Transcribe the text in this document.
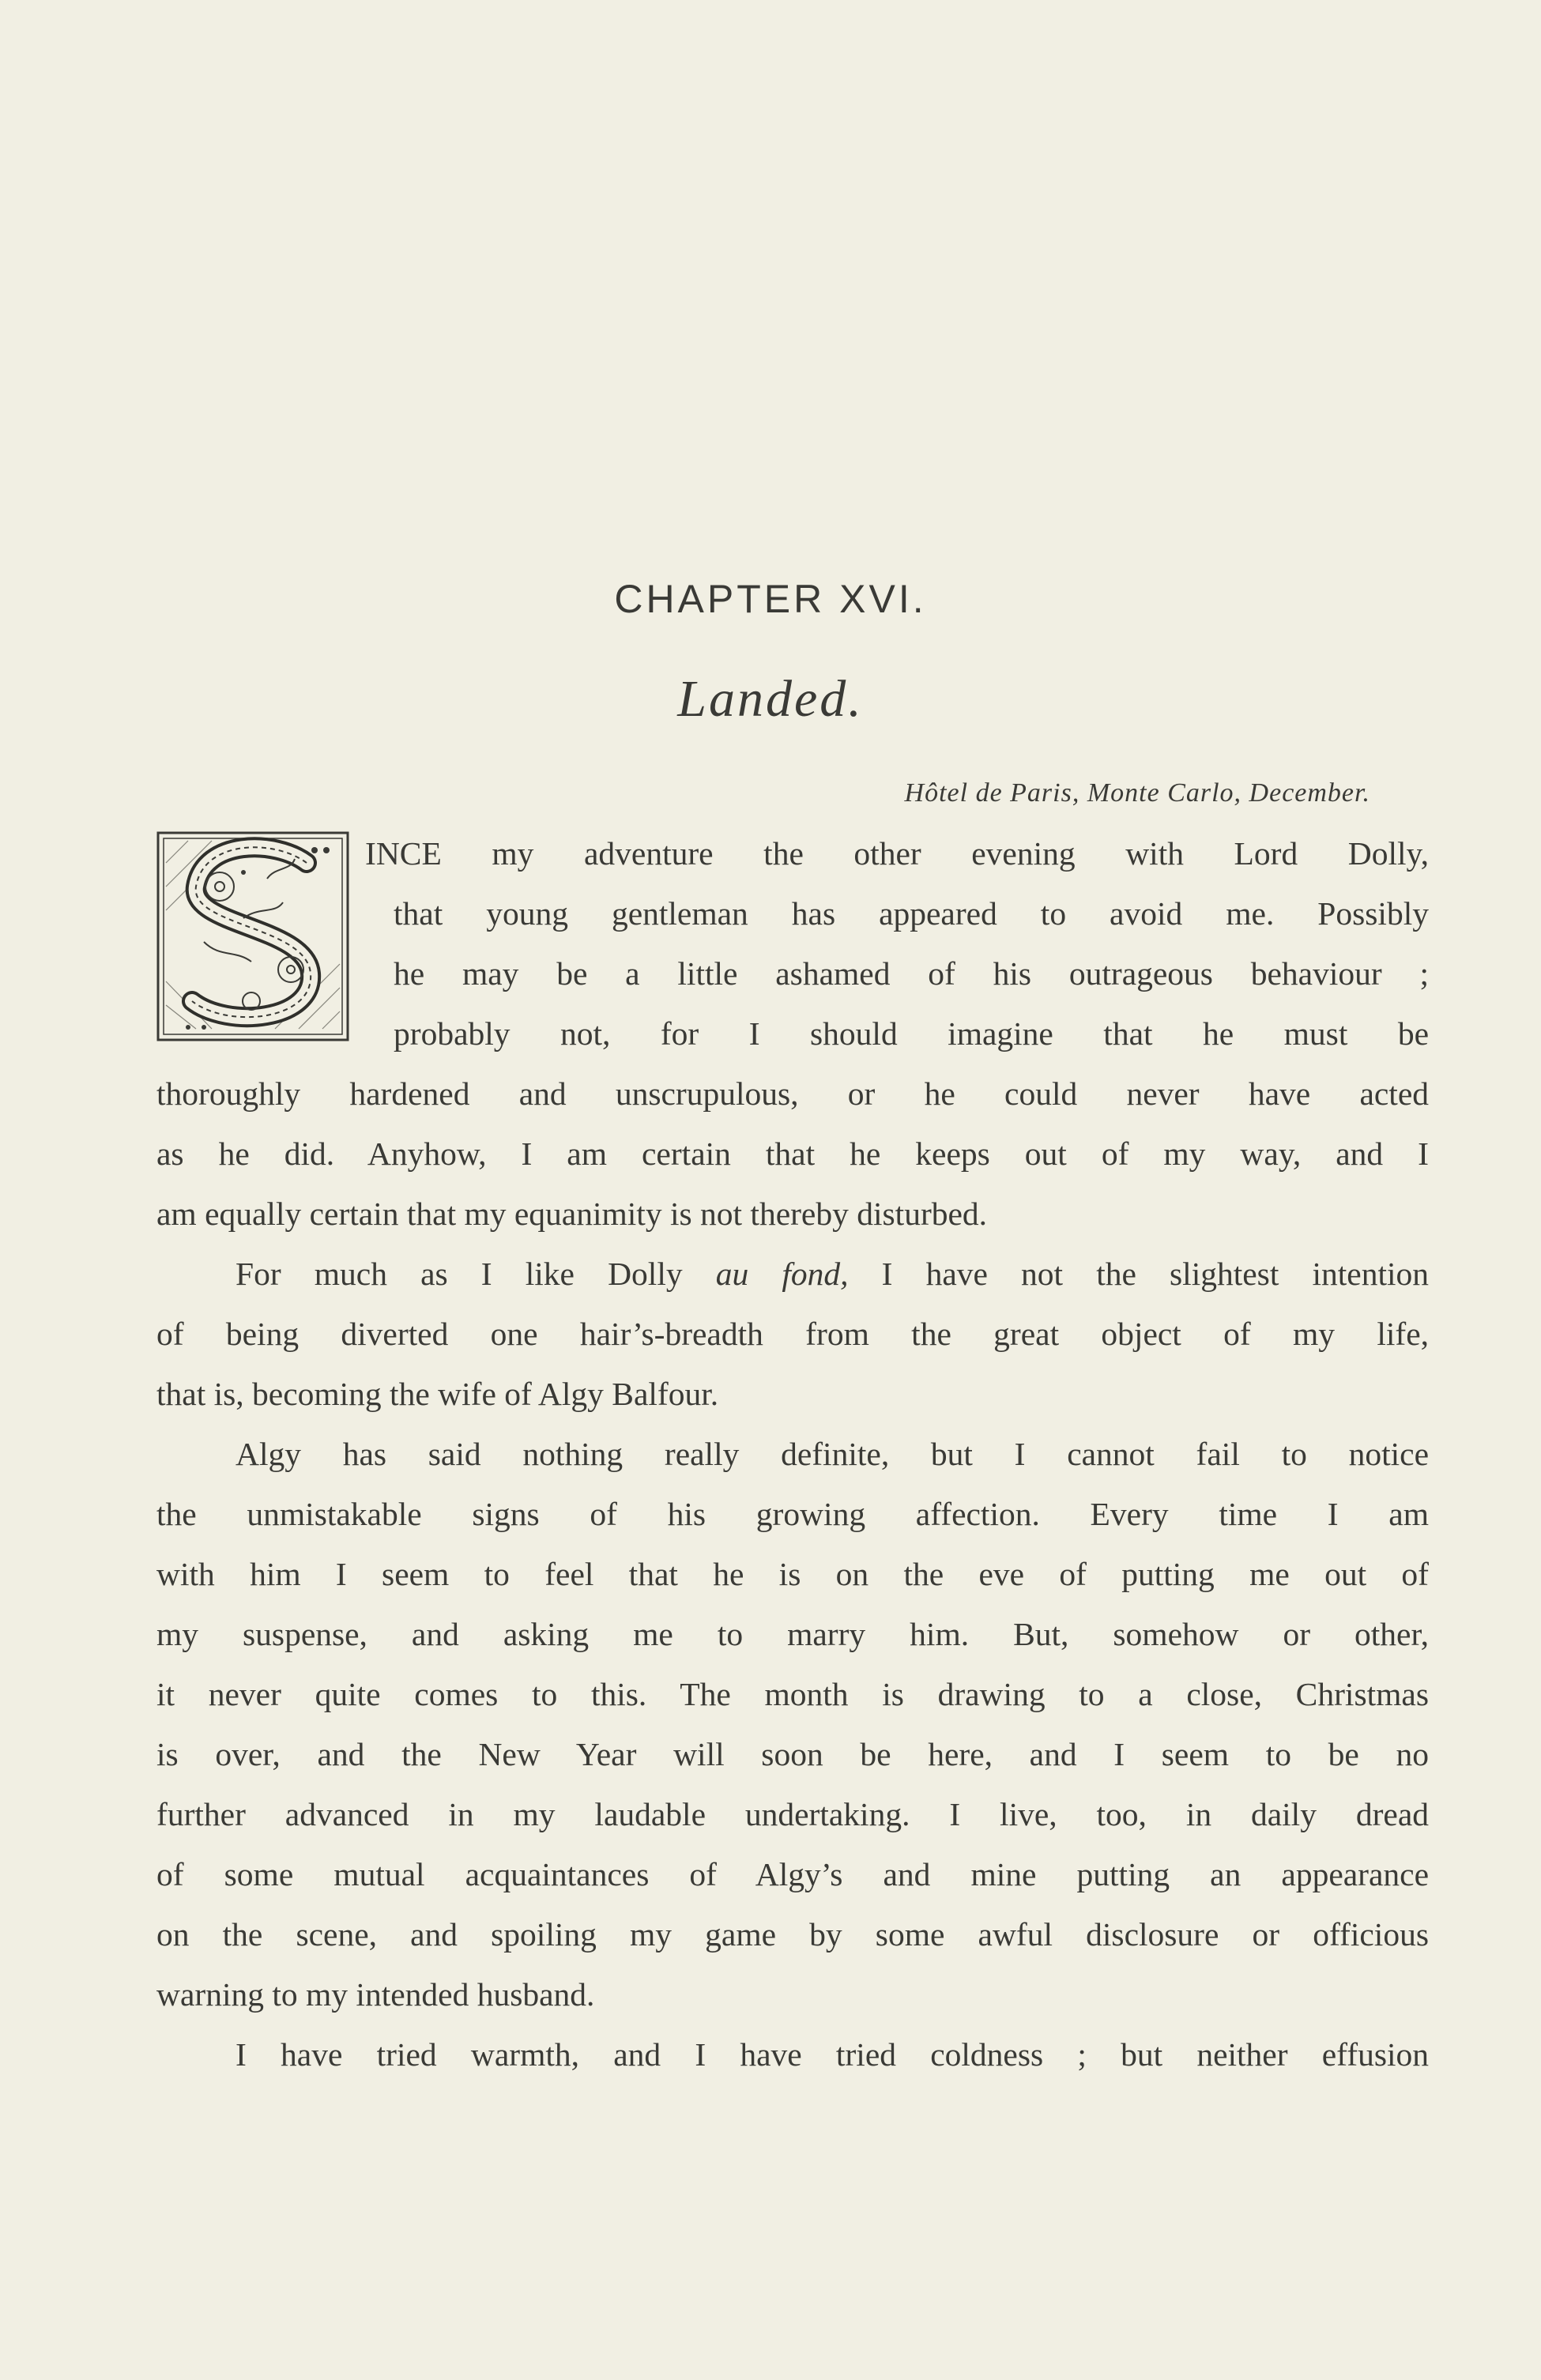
CHAPTER XVI.
Landed.
Hôtel de Paris, Monte Carlo, December.
INCE my adventure the other evening with Lord Dolly,
that young gentleman has appeared to avoid me. Possibly
he may be a little ashamed of his outrageous behaviour ;
probably not, for I should imagine that he must be
thoroughly hardened and unscrupulous, or he could never have acted
as he did. Anyhow, I am certain that he keeps out of my way, and I
am equally certain that my equanimity is not thereby disturbed.
For much as I like Dolly au fond, I have not the slightest intention
of being diverted one hair’s-breadth from the great object of my life,
that is, becoming the wife of Algy Balfour.
Algy has said nothing really definite, but I cannot fail to notice
the unmistakable signs of his growing affection. Every time I am
with him I seem to feel that he is on the eve of putting me out of
my suspense, and asking me to marry him. But, somehow or other,
it never quite comes to this. The month is drawing to a close, Christmas
is over, and the New Year will soon be here, and I seem to be no
further advanced in my laudable undertaking. I live, too, in daily dread
of some mutual acquaintances of Algy’s and mine putting an appearance
on the scene, and spoiling my game by some awful disclosure or officious
warning to my intended husband.
I have tried warmth, and I have tried coldness ; but neither effusion
